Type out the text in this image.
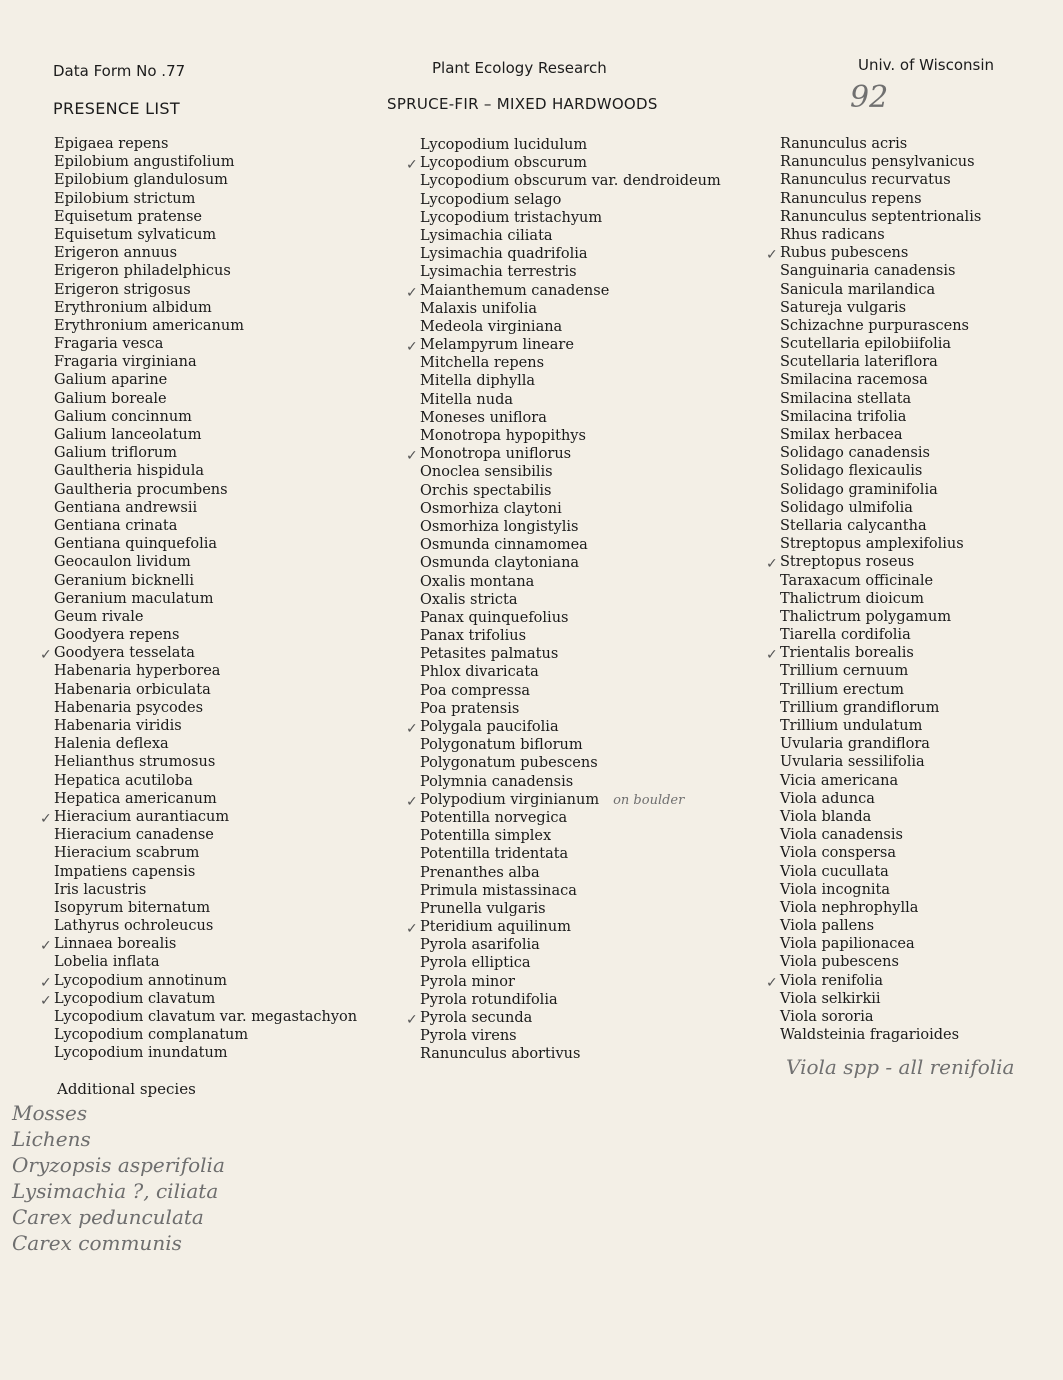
Data Form No .77	Plant Ecology Research	Univ. of Wisconsin
PRESENCE LIST	SPRUCE-FIR – MIXED HARDWOODS	92
Epigaea repens
Epilobium angustifolium
Epilobium glandulosum
Epilobium strictum
Equisetum pratense
Equisetum sylvaticum
Erigeron annuus
Erigeron philadelphicus
Erigeron strigosus
Erythronium albidum
Erythronium americanum
Fragaria vesca
Fragaria virginiana
Galium aparine
Galium boreale
Galium concinnum
Galium lanceolatum
Galium triflorum
Gaultheria hispidula
Gaultheria procumbens
Gentiana andrewsii
Gentiana crinata
Gentiana quinquefolia
Geocaulon lividum
Geranium bicknelli
Geranium maculatum
Geum rivale
Goodyera repens
✓ Goodyera tesselata
Habenaria hyperborea
Habenaria orbiculata
Habenaria psycodes
Habenaria viridis
Halenia deflexa
Helianthus strumosus
Hepatica acutiloba
Hepatica americanum
✓ Hieracium aurantiacum
Hieracium canadense
Hieracium scabrum
Impatiens capensis
Iris lacustris
Isopyrum biternatum
Lathyrus ochroleucus
✓ Linnaea borealis
Lobelia inflata
✓ Lycopodium annotinum
✓ Lycopodium clavatum
Lycopodium clavatum var. megastachyon
Lycopodium complanatum
Lycopodium inundatum
Lycopodium lucidulum
✓ Lycopodium obscurum
Lycopodium obscurum var. dendroideum
Lycopodium selago
Lycopodium tristachyum
Lysimachia ciliata
Lysimachia quadrifolia
Lysimachia terrestris
✓ Maianthemum canadense
Malaxis unifolia
Medeola virginiana
✓ Melampyrum lineare
Mitchella repens
Mitella diphylla
Mitella nuda
Moneses uniflora
Monotropa hypopithys
✓ Monotropa uniflorus
Onoclea sensibilis
Orchis spectabilis
Osmorhiza claytoni
Osmorhiza longistylis
Osmunda cinnamomea
Osmunda claytoniana
Oxalis montana
Oxalis stricta
Panax quinquefolius
Panax trifolius
Petasites palmatus
Phlox divaricata
Poa compressa
Poa pratensis
✓ Polygala paucifolia
Polygonatum biflorum
Polygonatum pubescens
Polymnia canadensis
✓ Polypodium virginianum on boulder
Potentilla norvegica
Potentilla simplex
Potentilla tridentata
Prenanthes alba
Primula mistassinaca
Prunella vulgaris
✓ Pteridium aquilinum
Pyrola asarifolia
Pyrola elliptica
Pyrola minor
Pyrola rotundifolia
✓ Pyrola secunda
Pyrola virens
Ranunculus abortivus
Ranunculus acris
Ranunculus pensylvanicus
Ranunculus recurvatus
Ranunculus repens
Ranunculus septentrionalis
Rhus radicans
✓ Rubus pubescens
Sanguinaria canadensis
Sanicula marilandica
Satureja vulgaris
Schizachne purpurascens
Scutellaria epilobiifolia
Scutellaria lateriflora
Smilacina racemosa
Smilacina stellata
Smilacina trifolia
Smilax herbacea
Solidago canadensis
Solidago flexicaulis
Solidago graminifolia
Solidago ulmifolia
Stellaria calycantha
Streptopus amplexifolius
✓ Streptopus roseus
Taraxacum officinale
Thalictrum dioicum
Thalictrum polygamum
Tiarella cordifolia
✓ Trientalis borealis
Trillium cernuum
Trillium erectum
Trillium grandiflorum
Trillium undulatum
Uvularia grandiflora
Uvularia sessilifolia
Vicia americana
Viola adunca
Viola blanda
Viola canadensis
Viola conspersa
Viola cucullata
Viola incognita
Viola nephrophylla
Viola pallens
Viola papilionacea
Viola pubescens
✓ Viola renifolia
Viola selkirkii
Viola sororia
Waldsteinia fragarioides
Viola spp - all renifolia
Additional species
Mosses
Lichens
Oryzopsis asperifolia
Lysimachia ?, ciliata
Carex pedunculata
Carex communis
